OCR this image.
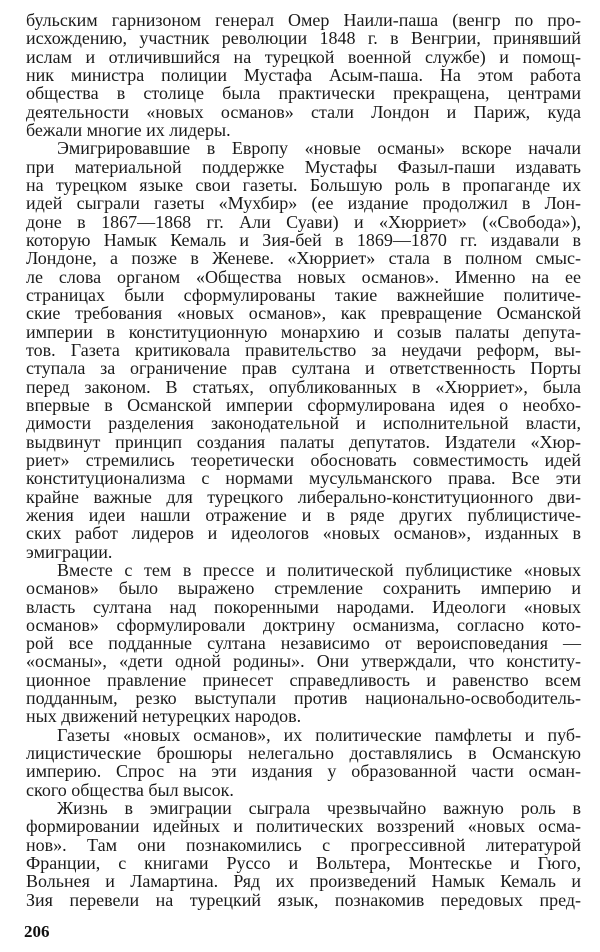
бульским гарнизоном генерал Омер Наили-паша (венгр по про-
исхождению, участник революции 1848 г. в Венгрии, принявший
ислам и отличившийся на турецкой военной службе) и помощ-
ник министра полиции Мустафа Асым-паша. На этом работа
общества в столице была практически прекращена, центрами
деятельности «новых османов» стали Лондон и Париж, куда
бежали многие их лидеры.
Эмигрировавшие в Европу «новые османы» вскоре начали
при материальной поддержке Мустафы Фазыл-паши издавать
на турецком языке свои газеты. Большую роль в пропаганде их
идей сыграли газеты «Мухбир» (ее издание продолжил в Лон-
доне в 1867—1868 гг. Али Суави) и «Хюрриет» («Свобода»),
которую Намык Кемаль и Зия-бей в 1869—1870 гг. издавали в
Лондоне, а позже в Женеве. «Хюрриет» стала в полном смыс-
ле слова органом «Общества новых османов». Именно на ее
страницах были сформулированы такие важнейшие политиче-
ские требования «новых османов», как превращение Османской
империи в конституционную монархию и созыв палаты депута-
тов. Газета критиковала правительство за неудачи реформ, вы-
ступала за ограничение прав султана и ответственность Порты
перед законом. В статьях, опубликованных в «Хюрриет», была
впервые в Османской империи сформулирована идея о необхо-
димости разделения законодательной и исполнительной власти,
выдвинут принцип создания палаты депутатов. Издатели «Хюр-
риет» стремились теоретически обосновать совместимость идей
конституционализма с нормами мусульманского права. Все эти
крайне важные для турецкого либерально-конституционного дви-
жения идеи нашли отражение и в ряде других публицистиче-
ских работ лидеров и идеологов «новых османов», изданных в
эмиграции.
Вместе с тем в прессе и политической публицистике «новых
османов» было выражено стремление сохранить империю и
власть султана над покоренными народами. Идеологи «новых
османов» сформулировали доктрину османизма, согласно кото-
рой все подданные султана независимо от вероисповедания —
«османы», «дети одной родины». Они утверждали, что конститу-
ционное правление принесет справедливость и равенство всем
подданным, резко выступали против национально-освободитель-
ных движений нетурецких народов.
Газеты «новых османов», их политические памфлеты и пуб-
лицистические брошюры нелегально доставлялись в Османскую
империю. Спрос на эти издания у образованной части осман-
ского общества был высок.
Жизнь в эмиграции сыграла чрезвычайно важную роль в
формировании идейных и политических воззрений «новых осма-
нов». Там они познакомились с прогрессивной литературой
Франции, с книгами Руссо и Вольтера, Монтескье и Гюго,
Вольнея и Ламартина. Ряд их произведений Намык Кемаль и
Зия перевели на турецкий язык, познакомив передовых пред-
206
